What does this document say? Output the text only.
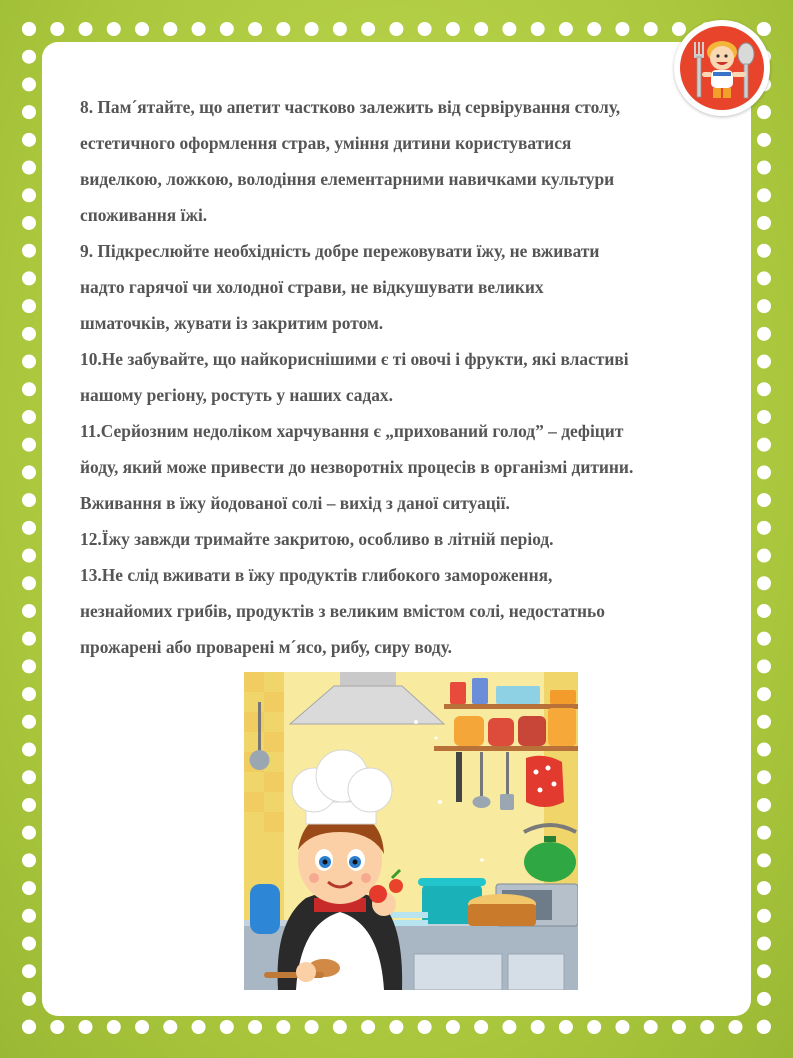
8. Пам´ятайте, що апетит частково залежить від сервірування столу,

естетичного оформлення страв, уміння дитини користуватися

виделкою, ложкою, володіння елементарними навичками культури

споживання їжі.

9. Підкреслюйте необхідність добре пережовувати їжу, не вживати

надто гарячої чи холодної страви, не відкушувати великих

шматочків, жувати із закритим ротом.

10.Не забувайте, що найкориснішими є ті овочі і фрукти, які властиві

нашому регіону, ростуть у наших садах.

11.Серйозним недоліком харчування є „прихований голод” – дефіцит

йоду, який може привести до незворотніх процесів в організмі дитини.

Вживання в їжу йодованої солі – вихід з даної ситуації.

12.Їжу завжди тримайте закритою, особливо в літній період.

13.Не слід вживати в їжу продуктів глибокого замороження,

незнайомих грибів, продуктів з великим вмістом солі, недостатньо

прожарені або проварені м´ясо, рибу, сиру воду.
